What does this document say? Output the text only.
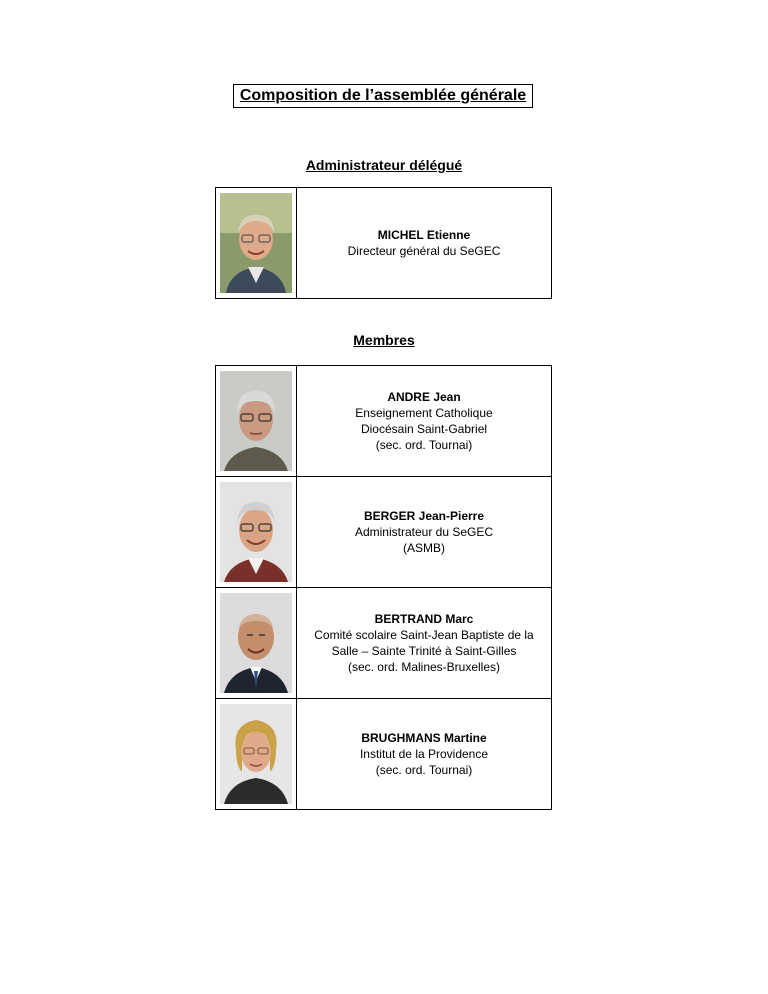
Composition de l’assemblée générale
Administrateur délégué

MICHEL Etienne
Directeur général du SeGEC
Membres

ANDRE Jean
Enseignement Catholique
Diocésain Saint-Gabriel
(sec. ord. Tournai)

BERGER Jean-Pierre
Administrateur du SeGEC
(ASMB)

BERTRAND Marc
Comité scolaire Saint-Jean Baptiste de la
Salle – Sainte Trinité à Saint-Gilles
(sec. ord. Malines-Bruxelles)

BRUGHMANS Martine
Institut de la Providence
(sec. ord. Tournai)
